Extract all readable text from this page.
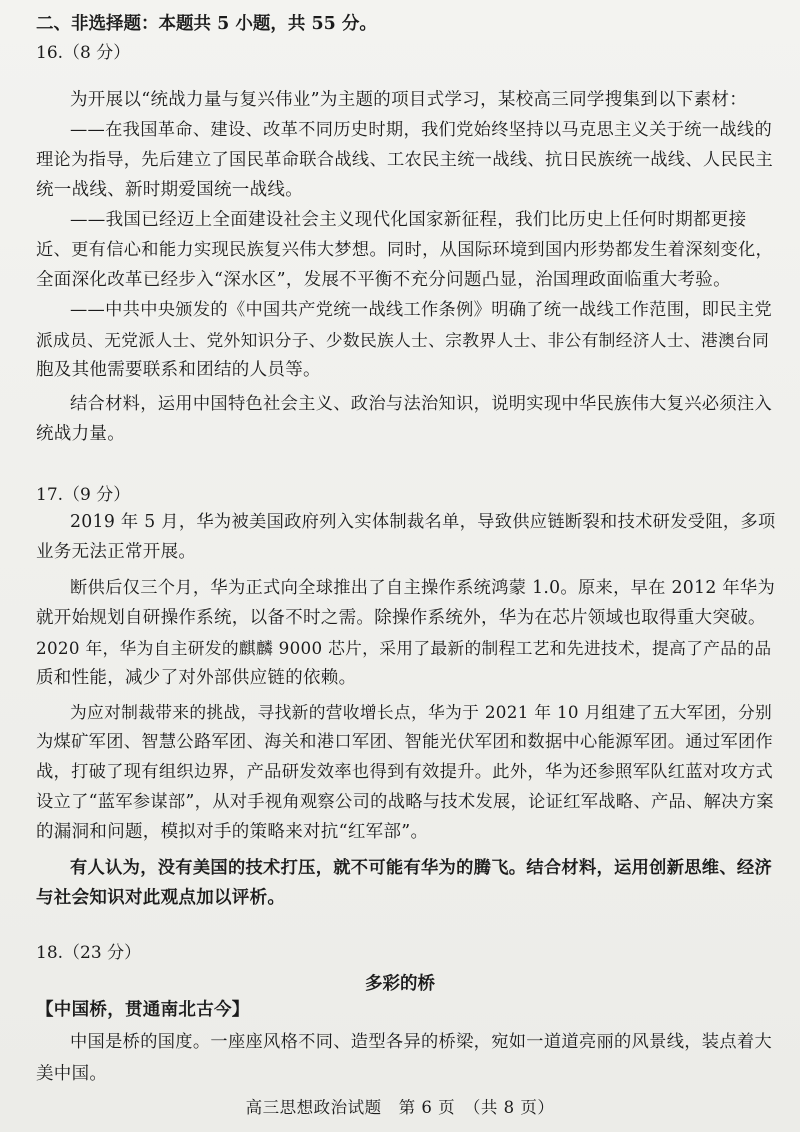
二、非选择题：本题共 5 小题，共 55 分。
16.（8 分）
为开展以“统战力量与复兴伟业”为主题的项目式学习，某校高三同学搜集到以下素材：
——在我国革命、建设、改革不同历史时期，我们党始终坚持以马克思主义关于统一战线的
理论为指导，先后建立了国民革命联合战线、工农民主统一战线、抗日民族统一战线、人民民主
统一战线、新时期爱国统一战线。
——我国已经迈上全面建设社会主义现代化国家新征程，我们比历史上任何时期都更接
近、更有信心和能力实现民族复兴伟大梦想。同时，从国际环境到国内形势都发生着深刻变化，
全面深化改革已经步入“深水区”，发展不平衡不充分问题凸显，治国理政面临重大考验。
——中共中央颁发的《中国共产党统一战线工作条例》明确了统一战线工作范围，即民主党
派成员、无党派人士、党外知识分子、少数民族人士、宗教界人士、非公有制经济人士、港澳台同
胞及其他需要联系和团结的人员等。
结合材料，运用中国特色社会主义、政治与法治知识，说明实现中华民族伟大复兴必须注入
统战力量。
17.（9 分）
2019 年 5 月，华为被美国政府列入实体制裁名单，导致供应链断裂和技术研发受阻，多项
业务无法正常开展。
断供后仅三个月，华为正式向全球推出了自主操作系统鸿蒙 1.0。原来，早在 2012 年华为
就开始规划自研操作系统，以备不时之需。除操作系统外，华为在芯片领域也取得重大突破。
2020 年，华为自主研发的麒麟 9000 芯片，采用了最新的制程工艺和先进技术，提高了产品的品
质和性能，减少了对外部供应链的依赖。
为应对制裁带来的挑战，寻找新的营收增长点，华为于 2021 年 10 月组建了五大军团，分别
为煤矿军团、智慧公路军团、海关和港口军团、智能光伏军团和数据中心能源军团。通过军团作
战，打破了现有组织边界，产品研发效率也得到有效提升。此外，华为还参照军队红蓝对攻方式
设立了“蓝军参谋部”，从对手视角观察公司的战略与技术发展，论证红军战略、产品、解决方案
的漏洞和问题，模拟对手的策略来对抗“红军部”。
有人认为，没有美国的技术打压，就不可能有华为的腾飞。结合材料，运用创新思维、经济
与社会知识对此观点加以评析。
18.（23 分）
多彩的桥
【中国桥，贯通南北古今】
中国是桥的国度。一座座风格不同、造型各异的桥梁，宛如一道道亮丽的风景线，装点着大
美中国。
高三思想政治试题　第 6 页　（共 8 页）
